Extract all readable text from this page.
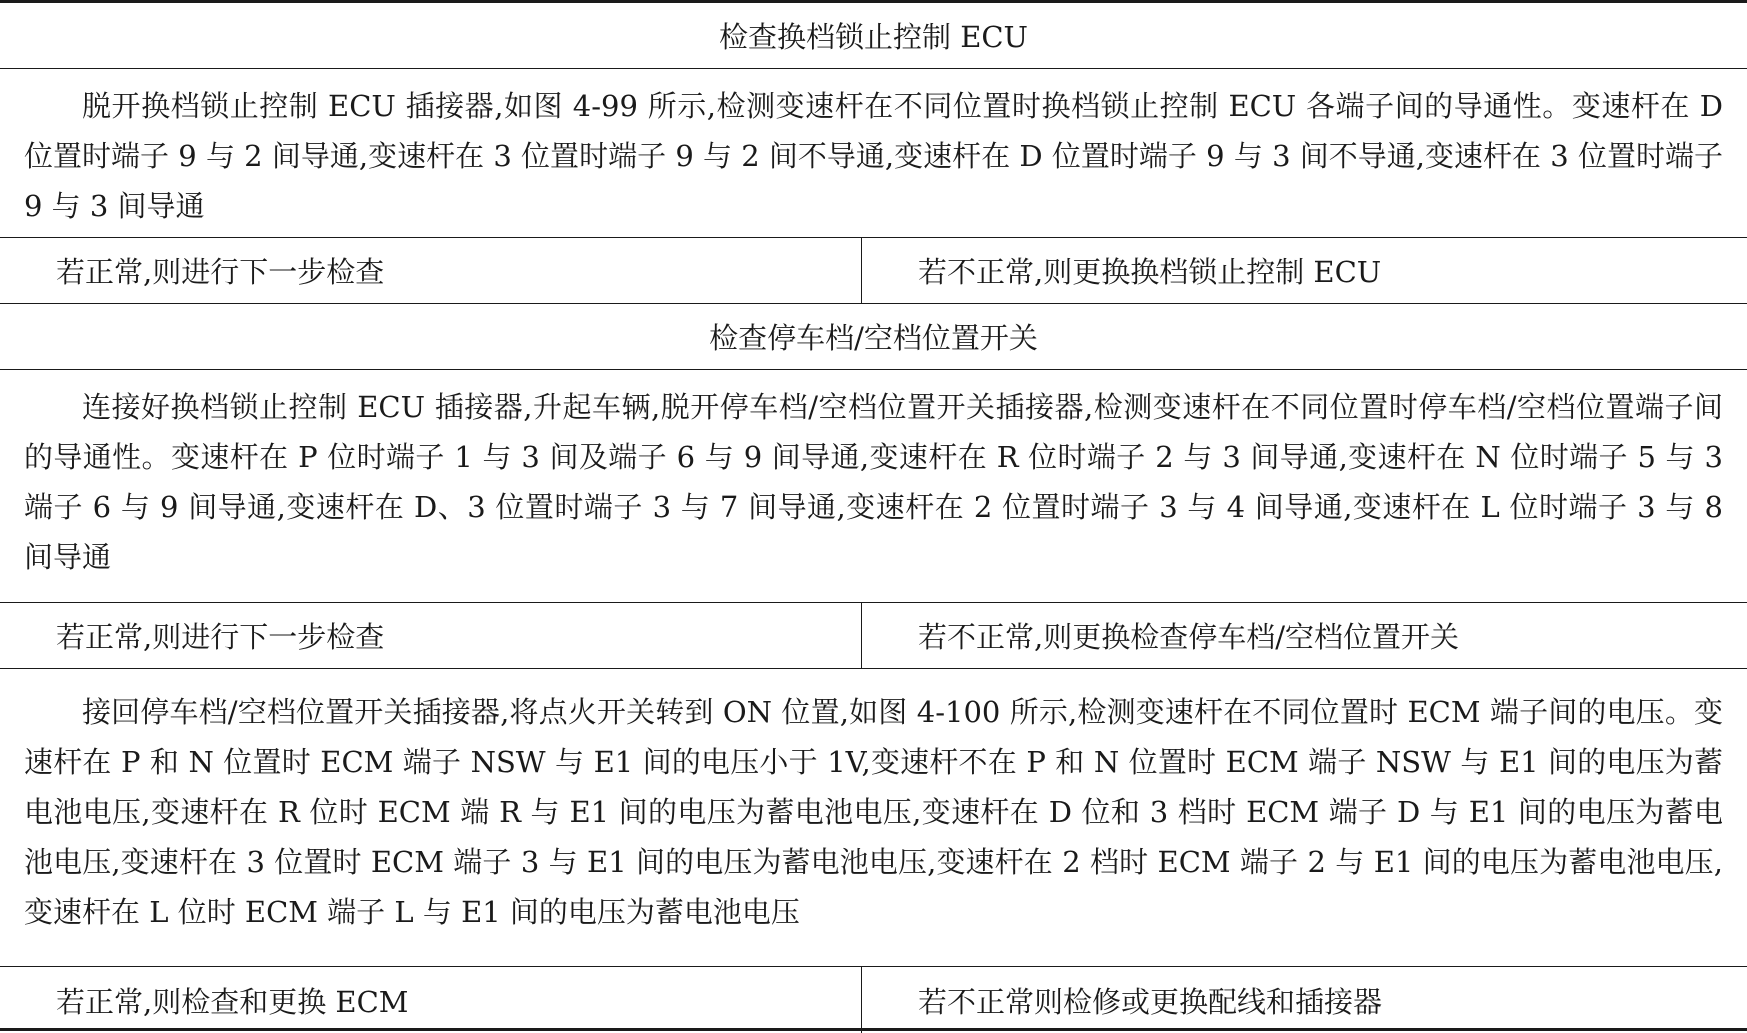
检查换档锁止控制 ECU

脱开换档锁止控制 ECU 插接器,如图 4-99 所示,检测变速杆在不同位置时换档锁止控制 ECU 各端子间的导通性。变速杆在 D 位置时端子 9 与 2 间导通,变速杆在 3 位置时端子 9 与 2 间不导通,变速杆在 D 位置时端子 9 与 3 间不导通,变速杆在 3 位置时端子 9 与 3 间导通

若正常,则进行下一步检查	若不正常,则更换换档锁止控制 ECU
检查停车档/空档位置开关

连接好换档锁止控制 ECU 插接器,升起车辆,脱开停车档/空档位置开关插接器,检测变速杆在不同位置时停车档/空档位置端子间的导通性。变速杆在 P 位时端子 1 与 3 间及端子 6 与 9 间导通,变速杆在 R 位时端子 2 与 3 间导通,变速杆在 N 位时端子 5 与 3 端子 6 与 9 间导通,变速杆在 D、3 位置时端子 3 与 7 间导通,变速杆在 2 位置时端子 3 与 4 间导通,变速杆在 L 位时端子 3 与 8 间导通

若正常,则进行下一步检查	若不正常,则更换检查停车档/空档位置开关

接回停车档/空档位置开关插接器,将点火开关转到 ON 位置,如图 4-100 所示,检测变速杆在不同位置时 ECM 端子间的电压。变速杆在 P 和 N 位置时 ECM 端子 NSW 与 E1 间的电压小于 1V,变速杆不在 P 和 N 位置时 ECM 端子 NSW 与 E1 间的电压为蓄电池电压,变速杆在 R 位时 ECM 端 R 与 E1 间的电压为蓄电池电压,变速杆在 D 位和 3 档时 ECM 端子 D 与 E1 间的电压为蓄电池电压,变速杆在 3 位置时 ECM 端子 3 与 E1 间的电压为蓄电池电压,变速杆在 2 档时 ECM 端子 2 与 E1 间的电压为蓄电池电压,变速杆在 L 位时 ECM 端子 L 与 E1 间的电压为蓄电池电压

若正常,则检查和更换 ECM	若不正常则检修或更换配线和插接器
